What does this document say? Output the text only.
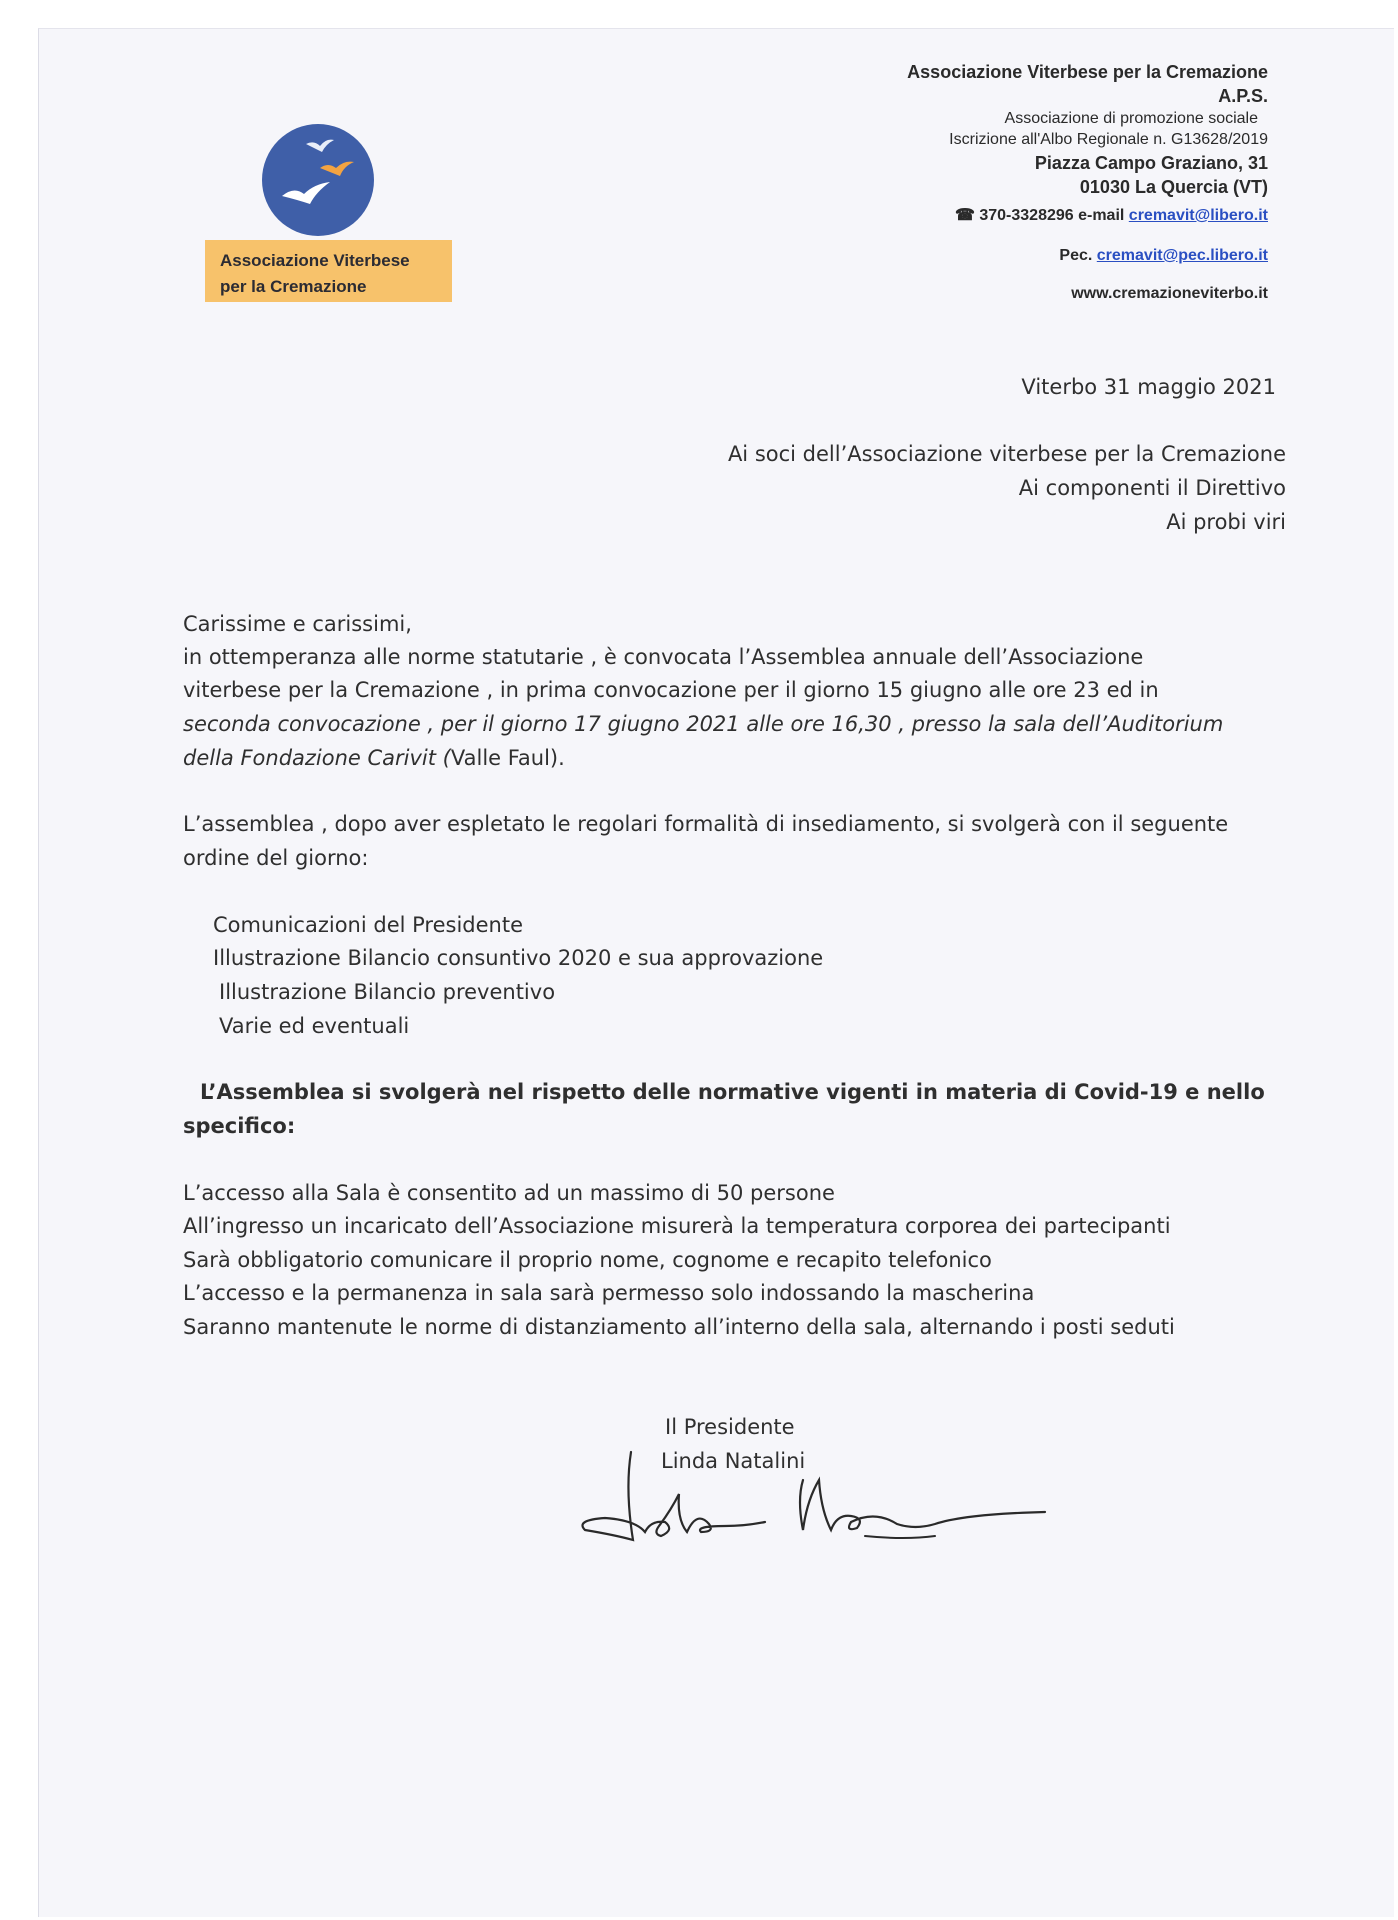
Associazione Viterbese
per la Cremazione
Associazione Viterbese per la Cremazione
A.P.S.
Associazione di promozione sociale
Iscrizione all'Albo Regionale n. G13628/2019
Piazza Campo Graziano, 31
01030 La Quercia (VT)
☎ 370-3328296 e-mail cremavit@libero.it
Pec. cremavit@pec.libero.it
www.cremazioneviterbo.it
Viterbo 31 maggio 2021
Ai soci dell’Associazione viterbese per la Cremazione
Ai componenti il Direttivo
Ai probi viri
Carissime e carissimi,
in ottemperanza alle norme statutarie , è convocata l’Assemblea annuale dell’Associazione
viterbese per la Cremazione , in prima convocazione per il giorno 15 giugno alle ore 23 ed in
seconda convocazione , per il giorno 17 giugno 2021 alle ore 16,30 , presso la sala dell’Auditorium
della Fondazione Carivit (Valle Faul).
L’assemblea , dopo aver espletato le regolari formalità di insediamento, si svolgerà con il seguente
ordine del giorno:
Comunicazioni del Presidente
Illustrazione Bilancio consuntivo 2020 e sua approvazione
Illustrazione Bilancio preventivo
Varie ed eventuali
L’Assemblea si svolgerà nel rispetto delle normative vigenti in materia di Covid-19 e nello
specifico:
L’accesso alla Sala è consentito ad un massimo di 50 persone
All’ingresso un incaricato dell’Associazione misurerà la temperatura corporea dei partecipanti
Sarà obbligatorio comunicare il proprio nome, cognome e recapito telefonico
L’accesso e la permanenza in sala sarà permesso solo indossando la mascherina
Saranno mantenute le norme di distanziamento all’interno della sala, alternando i posti seduti
Il Presidente
Linda Natalini
